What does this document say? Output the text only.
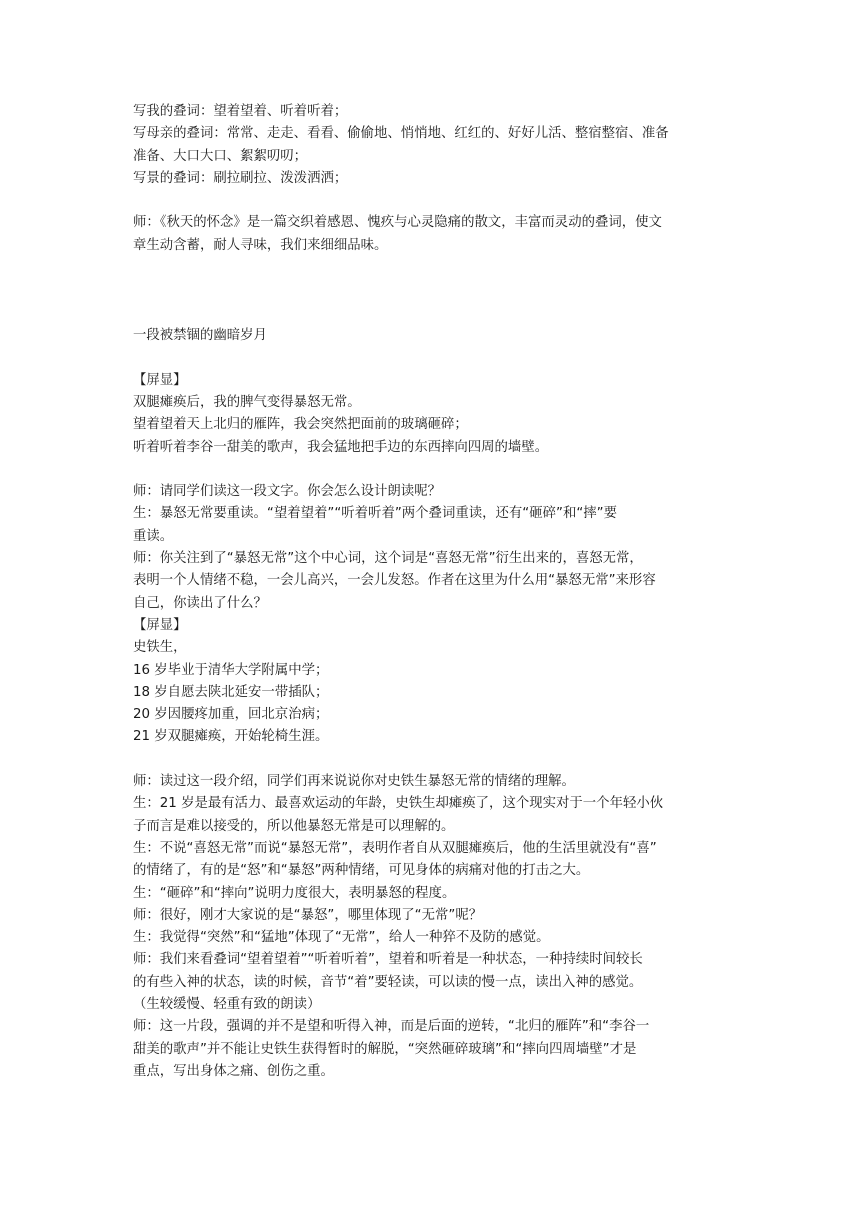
写我的叠词：望着望着、听着听着；

写母亲的叠词：常常、走走、看看、偷偷地、悄悄地、红红的、好好儿活、整宿整宿、准备

准备、大口大口、絮絮叨叨；

写景的叠词：刷拉刷拉、泼泼洒洒；

师：《秋天的怀念》是一篇交织着感恩、愧疚与心灵隐痛的散文，丰富而灵动的叠词，使文

章生动含蓄，耐人寻味，我们来细细品味。

一段被禁锢的幽暗岁月

【屏显】

双腿瘫痪后，我的脾气变得暴怒无常。

望着望着天上北归的雁阵，我会突然把面前的玻璃砸碎；

听着听着李谷一甜美的歌声，我会猛地把手边的东西摔向四周的墙壁。

师：请同学们读这一段文字。你会怎么设计朗读呢？

生：暴怒无常要重读。“望着望着”“听着听着”两个叠词重读，还有“砸碎”和“摔”要

重读。

师：你关注到了“暴怒无常”这个中心词，这个词是“喜怒无常”衍生出来的，喜怒无常，

表明一个人情绪不稳，一会儿高兴，一会儿发怒。作者在这里为什么用“暴怒无常”来形容

自己，你读出了什么？

【屏显】

史铁生，

16 岁毕业于清华大学附属中学；

18 岁自愿去陕北延安一带插队；

20 岁因腰疼加重，回北京治病；

21 岁双腿瘫痪，开始轮椅生涯。

师：读过这一段介绍，同学们再来说说你对史铁生暴怒无常的情绪的理解。

生：21 岁是最有活力、最喜欢运动的年龄，史铁生却瘫痪了，这个现实对于一个年轻小伙

子而言是难以接受的，所以他暴怒无常是可以理解的。

生：不说“喜怒无常”而说“暴怒无常”，表明作者自从双腿瘫痪后，他的生活里就没有“喜”

的情绪了，有的是“怒”和“暴怒”两种情绪，可见身体的病痛对他的打击之大。

生：“砸碎”和“摔向”说明力度很大，表明暴怒的程度。

师：很好，刚才大家说的是“暴怒”，哪里体现了“无常”呢？

生：我觉得“突然”和“猛地”体现了“无常”，给人一种猝不及防的感觉。

师：我们来看叠词“望着望着”“听着听着”，望着和听着是一种状态，一种持续时间较长

的有些入神的状态，读的时候，音节“着”要轻读，可以读的慢一点，读出入神的感觉。

（生较缓慢、轻重有致的朗读）

师：这一片段，强调的并不是望和听得入神，而是后面的逆转，“北归的雁阵”和“李谷一

甜美的歌声”并不能让史铁生获得暂时的解脱，“突然砸碎玻璃”和“摔向四周墙壁”才是

重点，写出身体之痛、创伤之重。
